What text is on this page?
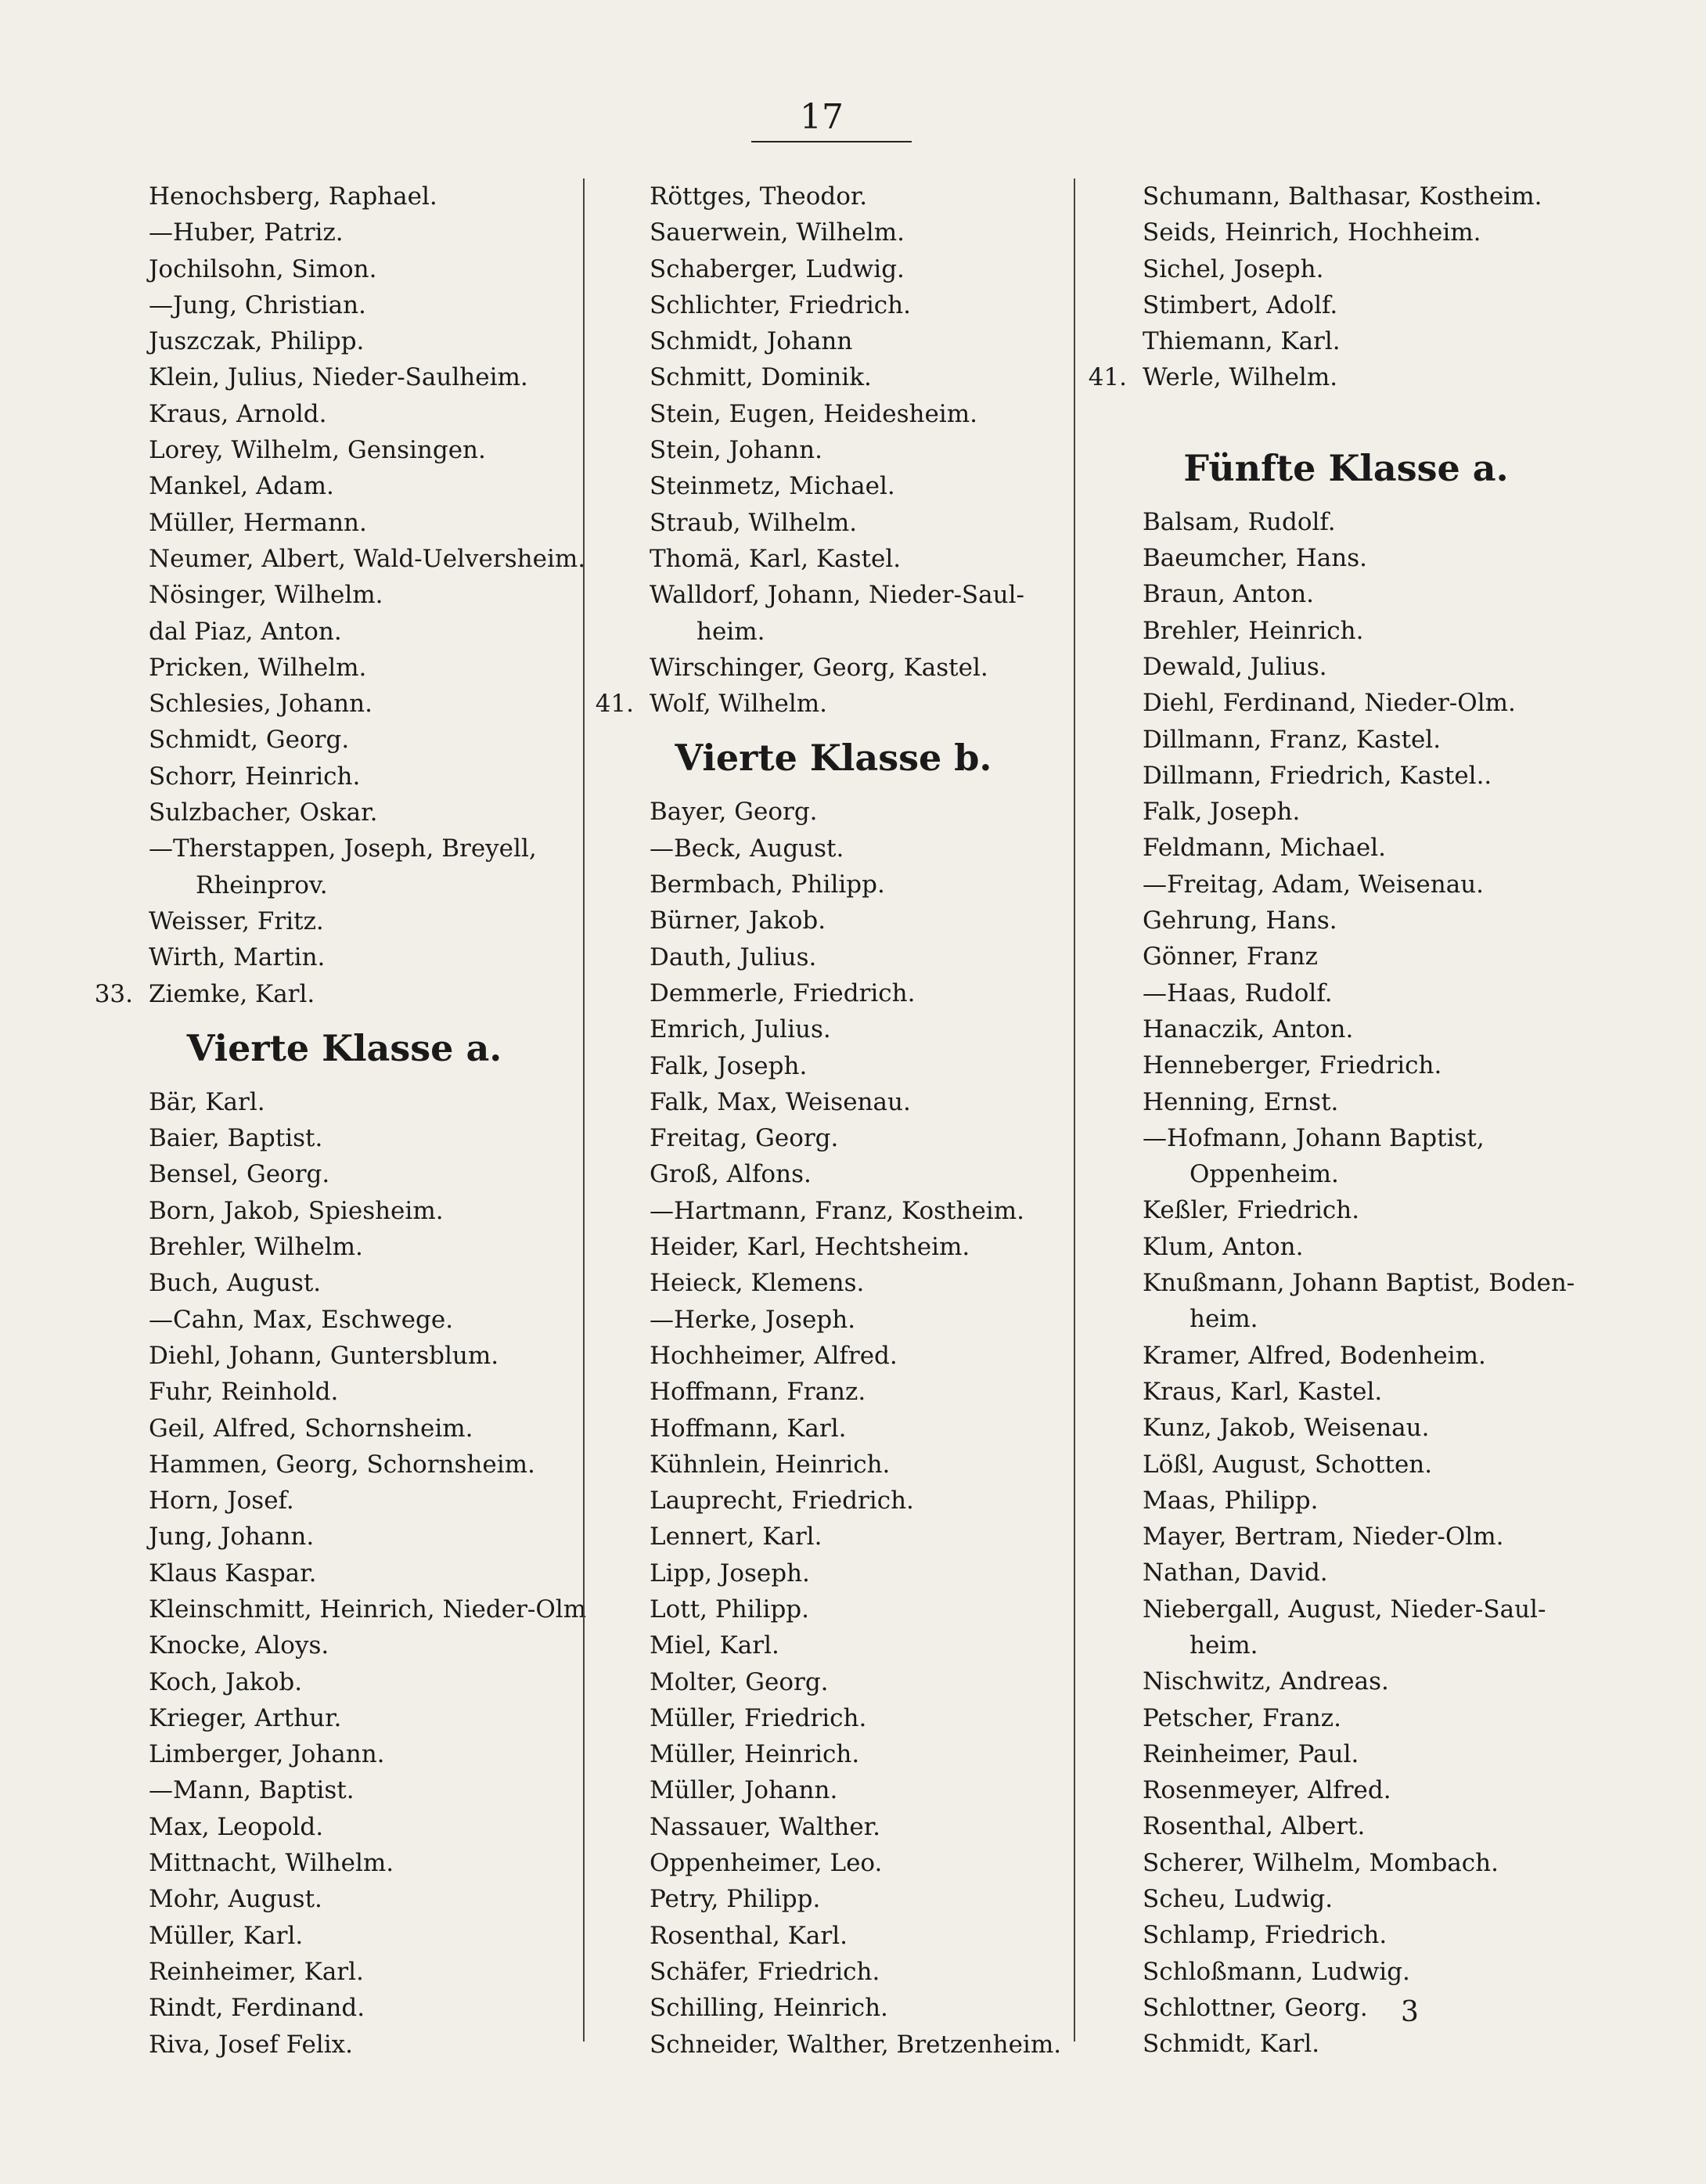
17
Henochsberg, Raphael.
—Huber, Patriz.
Jochilsohn, Simon.
—Jung, Christian.
Juszczak, Philipp.
Klein, Julius, Nieder-Saulheim.
Kraus, Arnold.
Lorey, Wilhelm, Gensingen.
Mankel, Adam.
Müller, Hermann.
Neumer, Albert, Wald-Uelversheim.
Nösinger, Wilhelm.
dal Piaz, Anton.
Pricken, Wilhelm.
Schlesies, Johann.
Schmidt, Georg.
Schorr, Heinrich.
Sulzbacher, Oskar.
—Therstappen, Joseph, Breyell,
Rheinprov.
Weisser, Fritz.
Wirth, Martin.
33. Ziemke, Karl.
Vierte Klasse a.
Bär, Karl.
Baier, Baptist.
Bensel, Georg.
Born, Jakob, Spiesheim.
Brehler, Wilhelm.
Buch, August.
—Cahn, Max, Eschwege.
Diehl, Johann, Guntersblum.
Fuhr, Reinhold.
Geil, Alfred, Schornsheim.
Hammen, Georg, Schornsheim.
Horn, Josef.
Jung, Johann.
Klaus Kaspar.
Kleinschmitt, Heinrich, Nieder-Olm
Knocke, Aloys.
Koch, Jakob.
Krieger, Arthur.
Limberger, Johann.
—Mann, Baptist.
Max, Leopold.
Mittnacht, Wilhelm.
Mohr, August.
Müller, Karl.
Reinheimer, Karl.
Rindt, Ferdinand.
Riva, Josef Felix.
Röttges, Theodor.
Sauerwein, Wilhelm.
Schaberger, Ludwig.
Schlichter, Friedrich.
Schmidt, Johann
Schmitt, Dominik.
Stein, Eugen, Heidesheim.
Stein, Johann.
Steinmetz, Michael.
Straub, Wilhelm.
Thomä, Karl, Kastel.
Walldorf, Johann, Nieder-Saul-
heim.
Wirschinger, Georg, Kastel.
41. Wolf, Wilhelm.
Vierte Klasse b.
Bayer, Georg.
—Beck, August.
Bermbach, Philipp.
Bürner, Jakob.
Dauth, Julius.
Demmerle, Friedrich.
Emrich, Julius.
Falk, Joseph.
Falk, Max, Weisenau.
Freitag, Georg.
Groß, Alfons.
—Hartmann, Franz, Kostheim.
Heider, Karl, Hechtsheim.
Heieck, Klemens.
—Herke, Joseph.
Hochheimer, Alfred.
Hoffmann, Franz.
Hoffmann, Karl.
Kühnlein, Heinrich.
Lauprecht, Friedrich.
Lennert, Karl.
Lipp, Joseph.
Lott, Philipp.
Miel, Karl.
Molter, Georg.
Müller, Friedrich.
Müller, Heinrich.
Müller, Johann.
Nassauer, Walther.
Oppenheimer, Leo.
Petry, Philipp.
Rosenthal, Karl.
Schäfer, Friedrich.
Schilling, Heinrich.
Schneider, Walther, Bretzenheim.
Schumann, Balthasar, Kostheim.
Seids, Heinrich, Hochheim.
Sichel, Joseph.
Stimbert, Adolf.
Thiemann, Karl.
41. Werle, Wilhelm.
Fünfte Klasse a.
Balsam, Rudolf.
Baeumcher, Hans.
Braun, Anton.
Brehler, Heinrich.
Dewald, Julius.
Diehl, Ferdinand, Nieder-Olm.
Dillmann, Franz, Kastel.
Dillmann, Friedrich, Kastel..
Falk, Joseph.
Feldmann, Michael.
—Freitag, Adam, Weisenau.
Gehrung, Hans.
Gönner, Franz
—Haas, Rudolf.
Hanaczik, Anton.
Henneberger, Friedrich.
Henning, Ernst.
—Hofmann, Johann Baptist,
Oppenheim.
Keßler, Friedrich.
Klum, Anton.
Knußmann, Johann Baptist, Boden-
heim.
Kramer, Alfred, Bodenheim.
Kraus, Karl, Kastel.
Kunz, Jakob, Weisenau.
Lößl, August, Schotten.
Maas, Philipp.
Mayer, Bertram, Nieder-Olm.
Nathan, David.
Niebergall, August, Nieder-Saul-
heim.
Nischwitz, Andreas.
Petscher, Franz.
Reinheimer, Paul.
Rosenmeyer, Alfred.
Rosenthal, Albert.
Scherer, Wilhelm, Mombach.
Scheu, Ludwig.
Schlamp, Friedrich.
Schloßmann, Ludwig.
Schlottner, Georg.
Schmidt, Karl.
3
